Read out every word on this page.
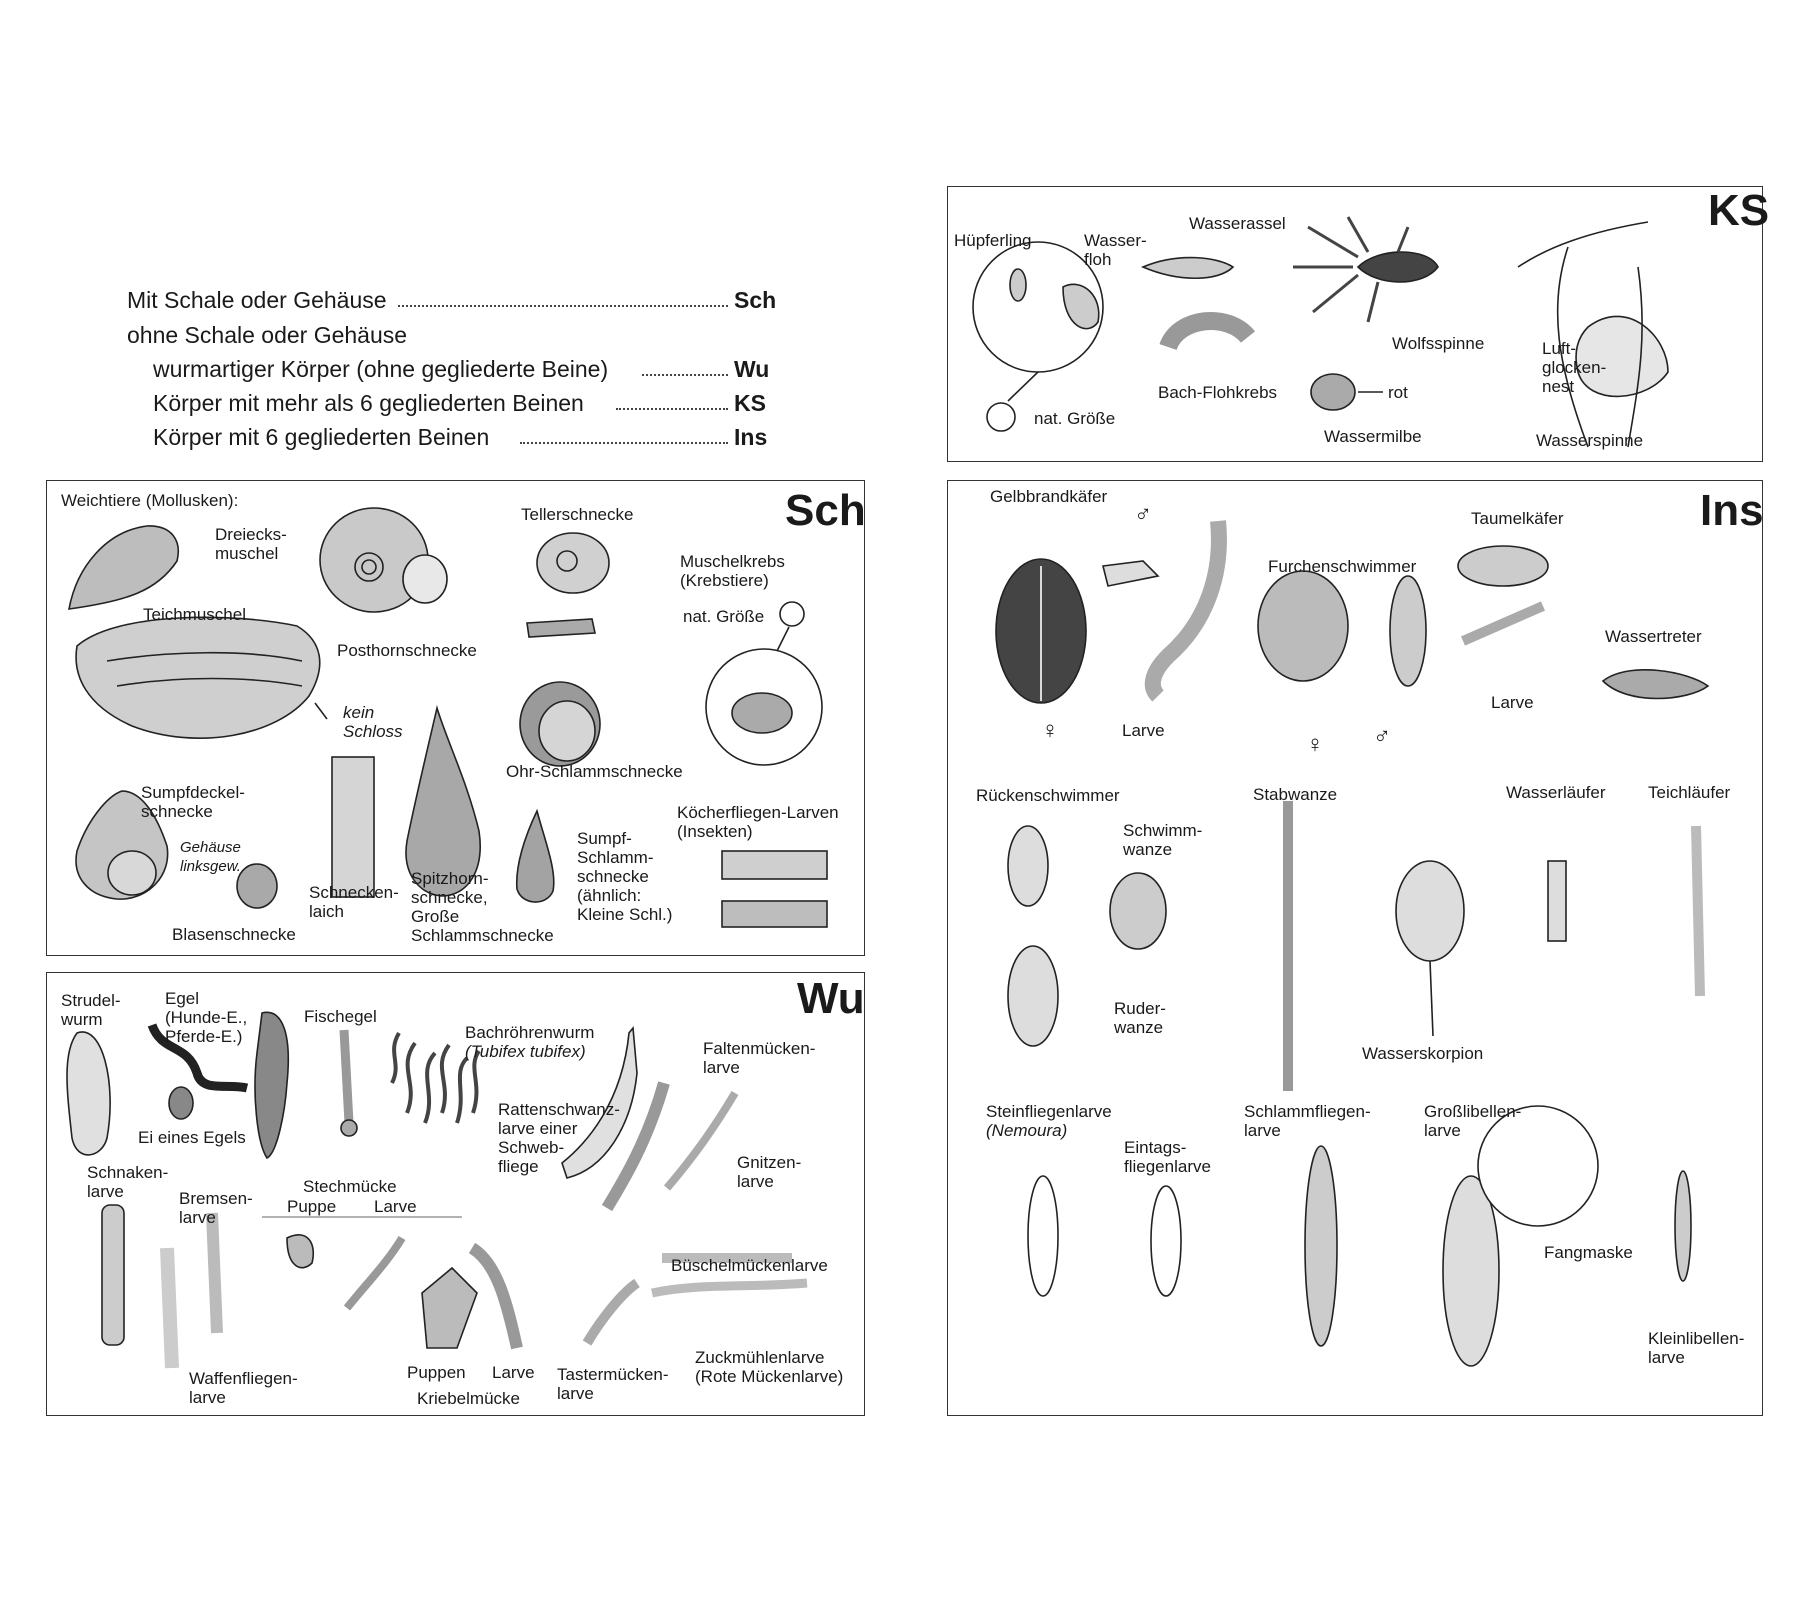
Mit Schale oder Gehäuse	Sch
ohne Schale oder Gehäuse
wurmartiger Körper (ohne gegliederte Beine)	Wu
Körper mit mehr als 6 gegliederten Beinen	KS
Körper mit 6 gegliederten Beinen	Ins
Sch
Weichtiere (Mollusken):
Dreiecks-
muschel
Teichmuschel
kein
Schloss
Posthornschnecke
Tellerschnecke
Muschelkrebs
(Krebstiere)
nat. Größe
Ohr-Schlammschnecke
Sumpfdeckel-
schnecke
Gehäuse
linksgew.
Blasenschnecke
Schnecken-
laich
Spitzhorn-
schnecke,
Große
Schlammschnecke
Sumpf-
Schlamm-
schnecke
(ähnlich:
Kleine Schl.)
Köcherfliegen-Larven
(Insekten)
Wu
Strudel-
wurm
Egel
(Hunde-E.,
Pferde-E.)
Ei eines Egels
Fischegel
Bachröhrenwurm
(Tubifex tubifex)
Rattenschwanz-
larve einer
Schweb-
fliege
Faltenmücken-
larve
Gnitzen-
larve
Schnaken-
larve	Bremsen-
larve
Stechmücke
Puppe Larve
Waffenfliegen-
larve
Puppen Larve
Kriebelmücke
Tastermücken-
larve
Büschelmückenlarve
Zuckmühlenlarve
(Rote Mückenlarve)
KS
Hüpferling	Wasser-
floh
Wasserassel
nat. Größe
Bach-Flohkrebs
Wolfsspinne
rot
Wassermilbe
Luft-
glocken-
nest
Wasserspinne
Ins
Gelbbrandkäfer
♂
♀	Larve
Furchenschwimmer
♀ ♂
Taumelkäfer
Larve
Wassertreter
Rückenschwimmer
Schwimm-
wanze
Ruder-
wanze
Stabwanze
Wasserskorpion
Wasserläufer Teichläufer
Steinfliegenlarve
(Nemoura)
Eintags-
fliegenlarve
Schlammfliegen-
larve
Großlibellen-
larve
Fangmaske
Kleinlibellen-
larve
